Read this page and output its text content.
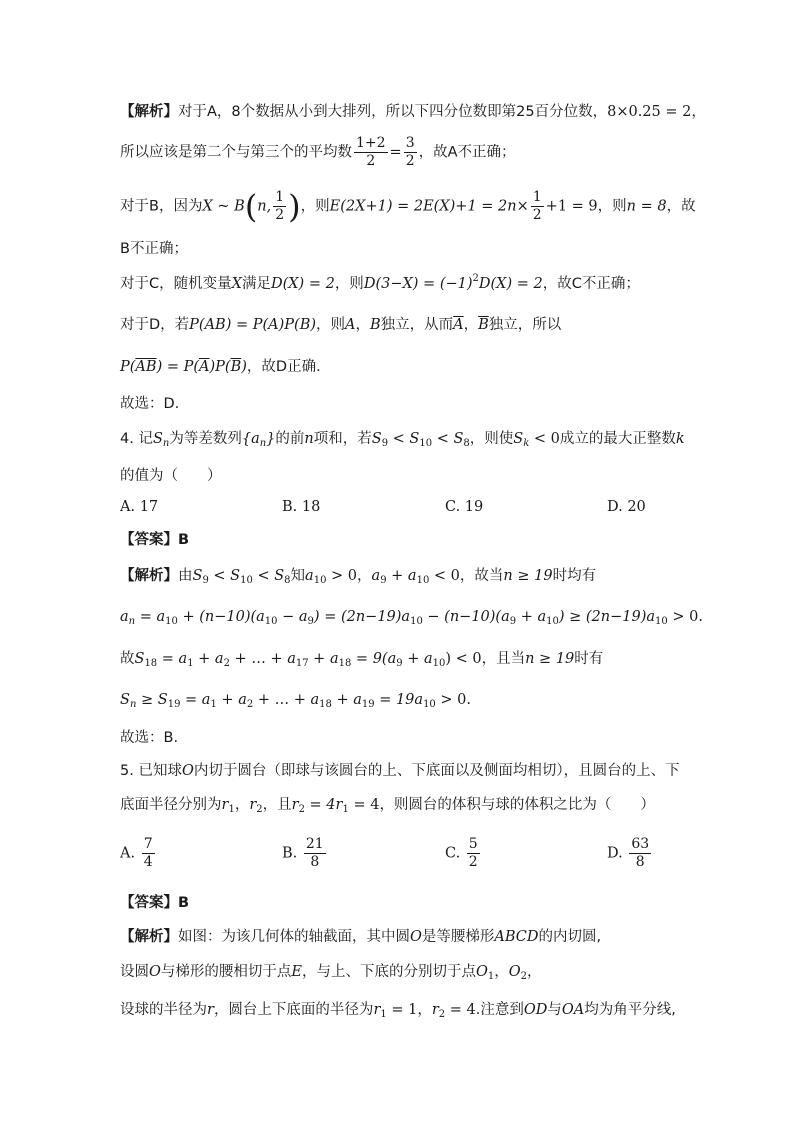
【解析】对于A，8个数据从小到大排列，所以下四分位数即第25百分位数，8×0.25 = 2，
所以应该是第二个与第三个的平均数 $\frac{1+2}{2} = \frac{3}{2}$ ，故A不正确；
对于B，因为X ~ B(n, $\frac{1}{2}$ )，则$E(2X+1) = 2E(X)+1 = 2n\times \frac{1}{2} +1 = 9$，则n = 8，故
B不正确；
对于C，随机变量X满足D(X) = 2，则$D(3-X) = (-1)^2D(X) = 2$，故C不正确；
对于D，若P(AB) = P(A)P(B)，则A，B独立，从而$\overline{A}$，$\overline{B}$独立，所以
$P(\overline{AB}) = P(\overline{A})P(\overline{B})$，故D正确.
故选：D.
4. 记$S_n$为等差数列$\{a_n\}$的前n项和，若$S_9 < S_{10} < S_8$，则使$S_k < 0$成立的最大正整数k
的值为（　　）
A. 17	B. 18	C. 19	D. 20
【答案】B
【解析】由$S_9 < S_{10} < S_8$知$a_{10} > 0$，$a_9 + a_{10} < 0$，故当n ≥ 19时均有
$a_n = a_{10} + (n-10)(a_{10} - a_9) = (2n-19)a_{10} - (n-10)(a_9 + a_{10}) \ge (2n-19)a_{10} > 0$.
故$S_{18} = a_1 + a_2$ + … + $a_{17} + a_{18} = 9(a_9 + a_{10}) < 0$，且当n ≥ 19时有
$S_n \ge S_{19} = a_1 + a_2$ + … + $a_{18} + a_{19} = 19a_{10} > 0$.
故选：B.
5. 已知球O内切于圆台（即球与该圆台的上、下底面以及侧面均相切），且圆台的上、下
底面半径分别为$r_1$，$r_2$，且$r_2 = 4r_1 = 4$，则圆台的体积与球的体积之比为（　　）
A. $\frac{7}{4}$	B. $\frac{21}{8}$	C. $\frac{5}{2}$	D. $\frac{63}{8}$
【答案】B
【解析】如图：为该几何体的轴截面，其中圆O是等腰梯形ABCD的内切圆,
设圆O与梯形的腰相切于点E，与上、下底的分别切于点$O_1$，$O_2$，
设球的半径为r，圆台上下底面的半径为$r_1 = 1$，$r_2 = 4$.注意到OD与OA均为角平分线,
